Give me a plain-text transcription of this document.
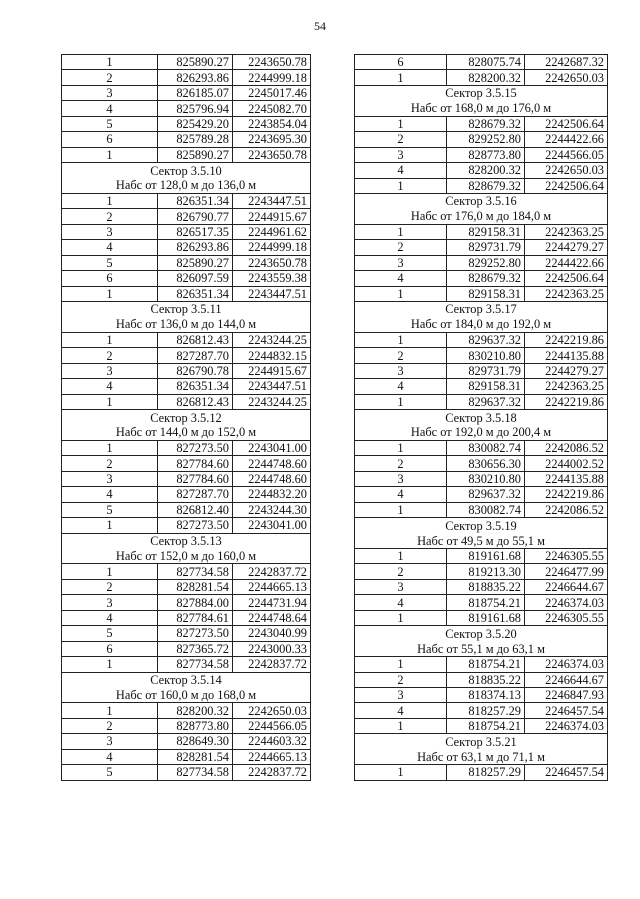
54
1	825890.27	2243650.78
2	826293.86	2244999.18
3	826185.07	2245017.46
4	825796.94	2245082.70
5	825429.20	2243854.04
6	825789.28	2243695.30
1	825890.27	2243650.78
Сектор 3.5.10		
Набс от 128,0 м до 136,0 м		
1	826351.34	2243447.51
2	826790.77	2244915.67
3	826517.35	2244961.62
4	826293.86	2244999.18
5	825890.27	2243650.78
6	826097.59	2243559.38
1	826351.34	2243447.51
Сектор 3.5.11		
Набс от 136,0 м до 144,0 м		
1	826812.43	2243244.25
2	827287.70	2244832.15
3	826790.78	2244915.67
4	826351.34	2243447.51
1	826812.43	2243244.25
Сектор 3.5.12		
Набс от 144,0 м до 152,0 м		
1	827273.50	2243041.00
2	827784.60	2244748.60
3	827784.60	2244748.60
4	827287.70	2244832.20
5	826812.40	2243244.30
1	827273.50	2243041.00
Сектор 3.5.13		
Набс от 152,0 м до 160,0 м		
1	827734.58	2242837.72
2	828281.54	2244665.13
3	827884.00	2244731.94
4	827784.61	2244748.64
5	827273.50	2243040.99
6	827365.72	2243000.33
1	827734.58	2242837.72
Сектор 3.5.14		
Набс от 160,0 м до 168,0 м		
1	828200.32	2242650.03
2	828773.80	2244566.05
3	828649.30	2244603.32
4	828281.54	2244665.13
5	827734.58	2242837.72
6	828075.74	2242687.32
1	828200.32	2242650.03
Сектор 3.5.15		
Набс от 168,0 м до 176,0 м		
1	828679.32	2242506.64
2	829252.80	2244422.66
3	828773.80	2244566.05
4	828200.32	2242650.03
1	828679.32	2242506.64
Сектор 3.5.16		
Набс от 176,0 м до 184,0 м		
1	829158.31	2242363.25
2	829731.79	2244279.27
3	829252.80	2244422.66
4	828679.32	2242506.64
1	829158.31	2242363.25
Сектор 3.5.17		
Набс от 184,0 м до 192,0 м		
1	829637.32	2242219.86
2	830210.80	2244135.88
3	829731.79	2244279.27
4	829158.31	2242363.25
1	829637.32	2242219.86
Сектор 3.5.18		
Набс от 192,0 м до 200,4 м		
1	830082.74	2242086.52
2	830656.30	2244002.52
3	830210.80	2244135.88
4	829637.32	2242219.86
1	830082.74	2242086.52
Сектор 3.5.19		
Набс от 49,5 м до 55,1 м		
1	819161.68	2246305.55
2	819213.30	2246477.99
3	818835.22	2246644.67
4	818754.21	2246374.03
1	819161.68	2246305.55
Сектор 3.5.20		
Набс от 55,1 м до 63,1 м		
1	818754.21	2246374.03
2	818835.22	2246644.67
3	818374.13	2246847.93
4	818257.29	2246457.54
1	818754.21	2246374.03
Сектор 3.5.21		
Набс от 63,1 м до 71,1 м		
1	818257.29	2246457.54
